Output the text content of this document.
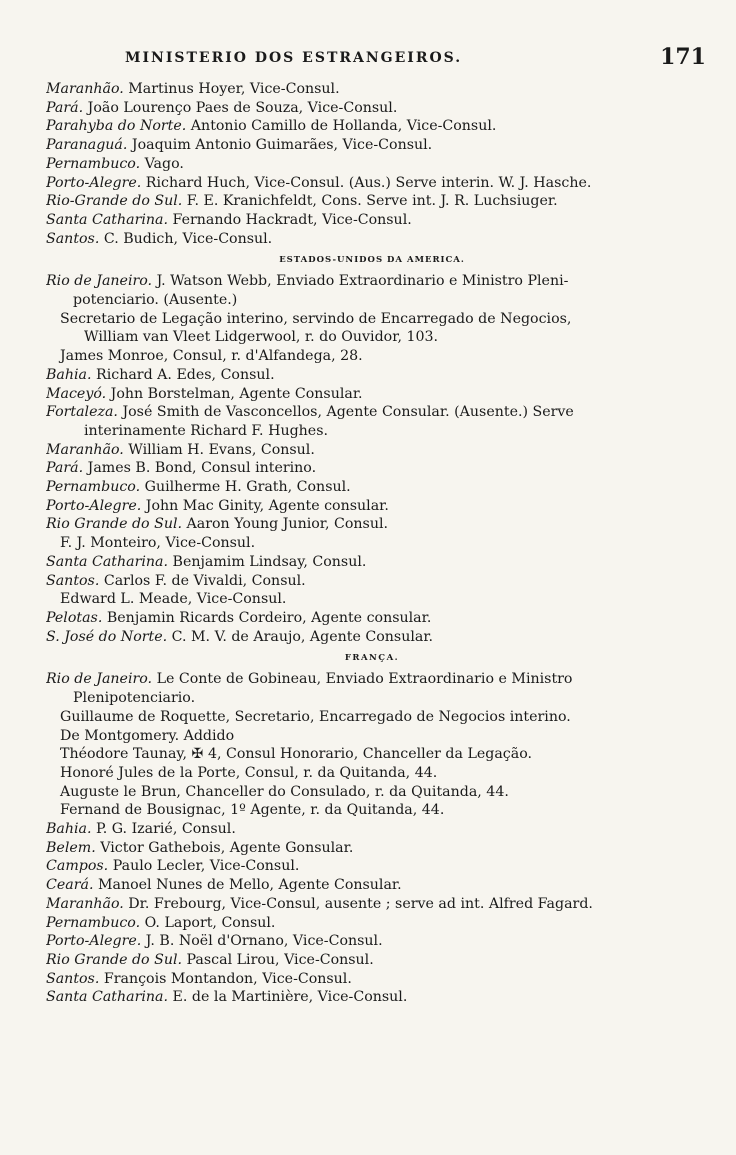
MINISTERIO DOS ESTRANGEIROS.	171
Maranhão. Martinus Hoyer, Vice-Consul.
Pará. João Lourenço Paes de Souza, Vice-Consul.
Parahyba do Norte. Antonio Camillo de Hollanda, Vice-Consul.
Paranaguá. Joaquim Antonio Guimarães, Vice-Consul.
Pernambuco. Vago.
Porto-Alegre. Richard Huch, Vice-Consul. (Aus.) Serve interin. W. J. Hasche.
Rio-Grande do Sul. F. E. Kranichfeldt, Cons. Serve int. J. R. Luchsiuger.
Santa Catharina. Fernando Hackradt, Vice-Consul.
Santos. C. Budich, Vice-Consul.
ESTADOS-UNIDOS DA AMERICA.
Rio de Janeiro. J. Watson Webb, Enviado Extraordinario e Ministro Pleni-
potenciario. (Ausente.)
Secretario de Legação interino, servindo de Encarregado de Negocios,
William van Vleet Lidgerwool, r. do Ouvidor, 103.
James Monroe, Consul, r. d'Alfandega, 28.
Bahia. Richard A. Edes, Consul.
Maceyó. John Borstelman, Agente Consular.
Fortaleza. José Smith de Vasconcellos, Agente Consular. (Ausente.) Serve
interinamente Richard F. Hughes.
Maranhão. William H. Evans, Consul.
Pará. James B. Bond, Consul interino.
Pernambuco. Guilherme H. Grath, Consul.
Porto-Alegre. John Mac Ginity, Agente consular.
Rio Grande do Sul. Aaron Young Junior, Consul.
F. J. Monteiro, Vice-Consul.
Santa Catharina. Benjamim Lindsay, Consul.
Santos. Carlos F. de Vivaldi, Consul.
Edward L. Meade, Vice-Consul.
Pelotas. Benjamin Ricards Cordeiro, Agente consular.
S. José do Norte. C. M. V. de Araujo, Agente Consular.
FRANÇA.
Rio de Janeiro. Le Conte de Gobineau, Enviado Extraordinario e Ministro
Plenipotenciario.
Guillaume de Roquette, Secretario, Encarregado de Negocios interino.
De Montgomery. Addido
Théodore Taunay, ✠ 4, Consul Honorario, Chanceller da Legação.
Honoré Jules de la Porte, Consul, r. da Quitanda, 44.
Auguste le Brun, Chanceller do Consulado, r. da Quitanda, 44.
Fernand de Bousignac, 1º Agente, r. da Quitanda, 44.
Bahia. P. G. Izarié, Consul.
Belem. Victor Gathebois, Agente Gonsular.
Campos. Paulo Lecler, Vice-Consul.
Ceará. Manoel Nunes de Mello, Agente Consular.
Maranhão. Dr. Frebourg, Vice-Consul, ausente ; serve ad int. Alfred Fagard.
Pernambuco. O. Laport, Consul.
Porto-Alegre. J. B. Noël d'Ornano, Vice-Consul.
Rio Grande do Sul. Pascal Lirou, Vice-Consul.
Santos. François Montandon, Vice-Consul.
Santa Catharina. E. de la Martinière, Vice-Consul.
